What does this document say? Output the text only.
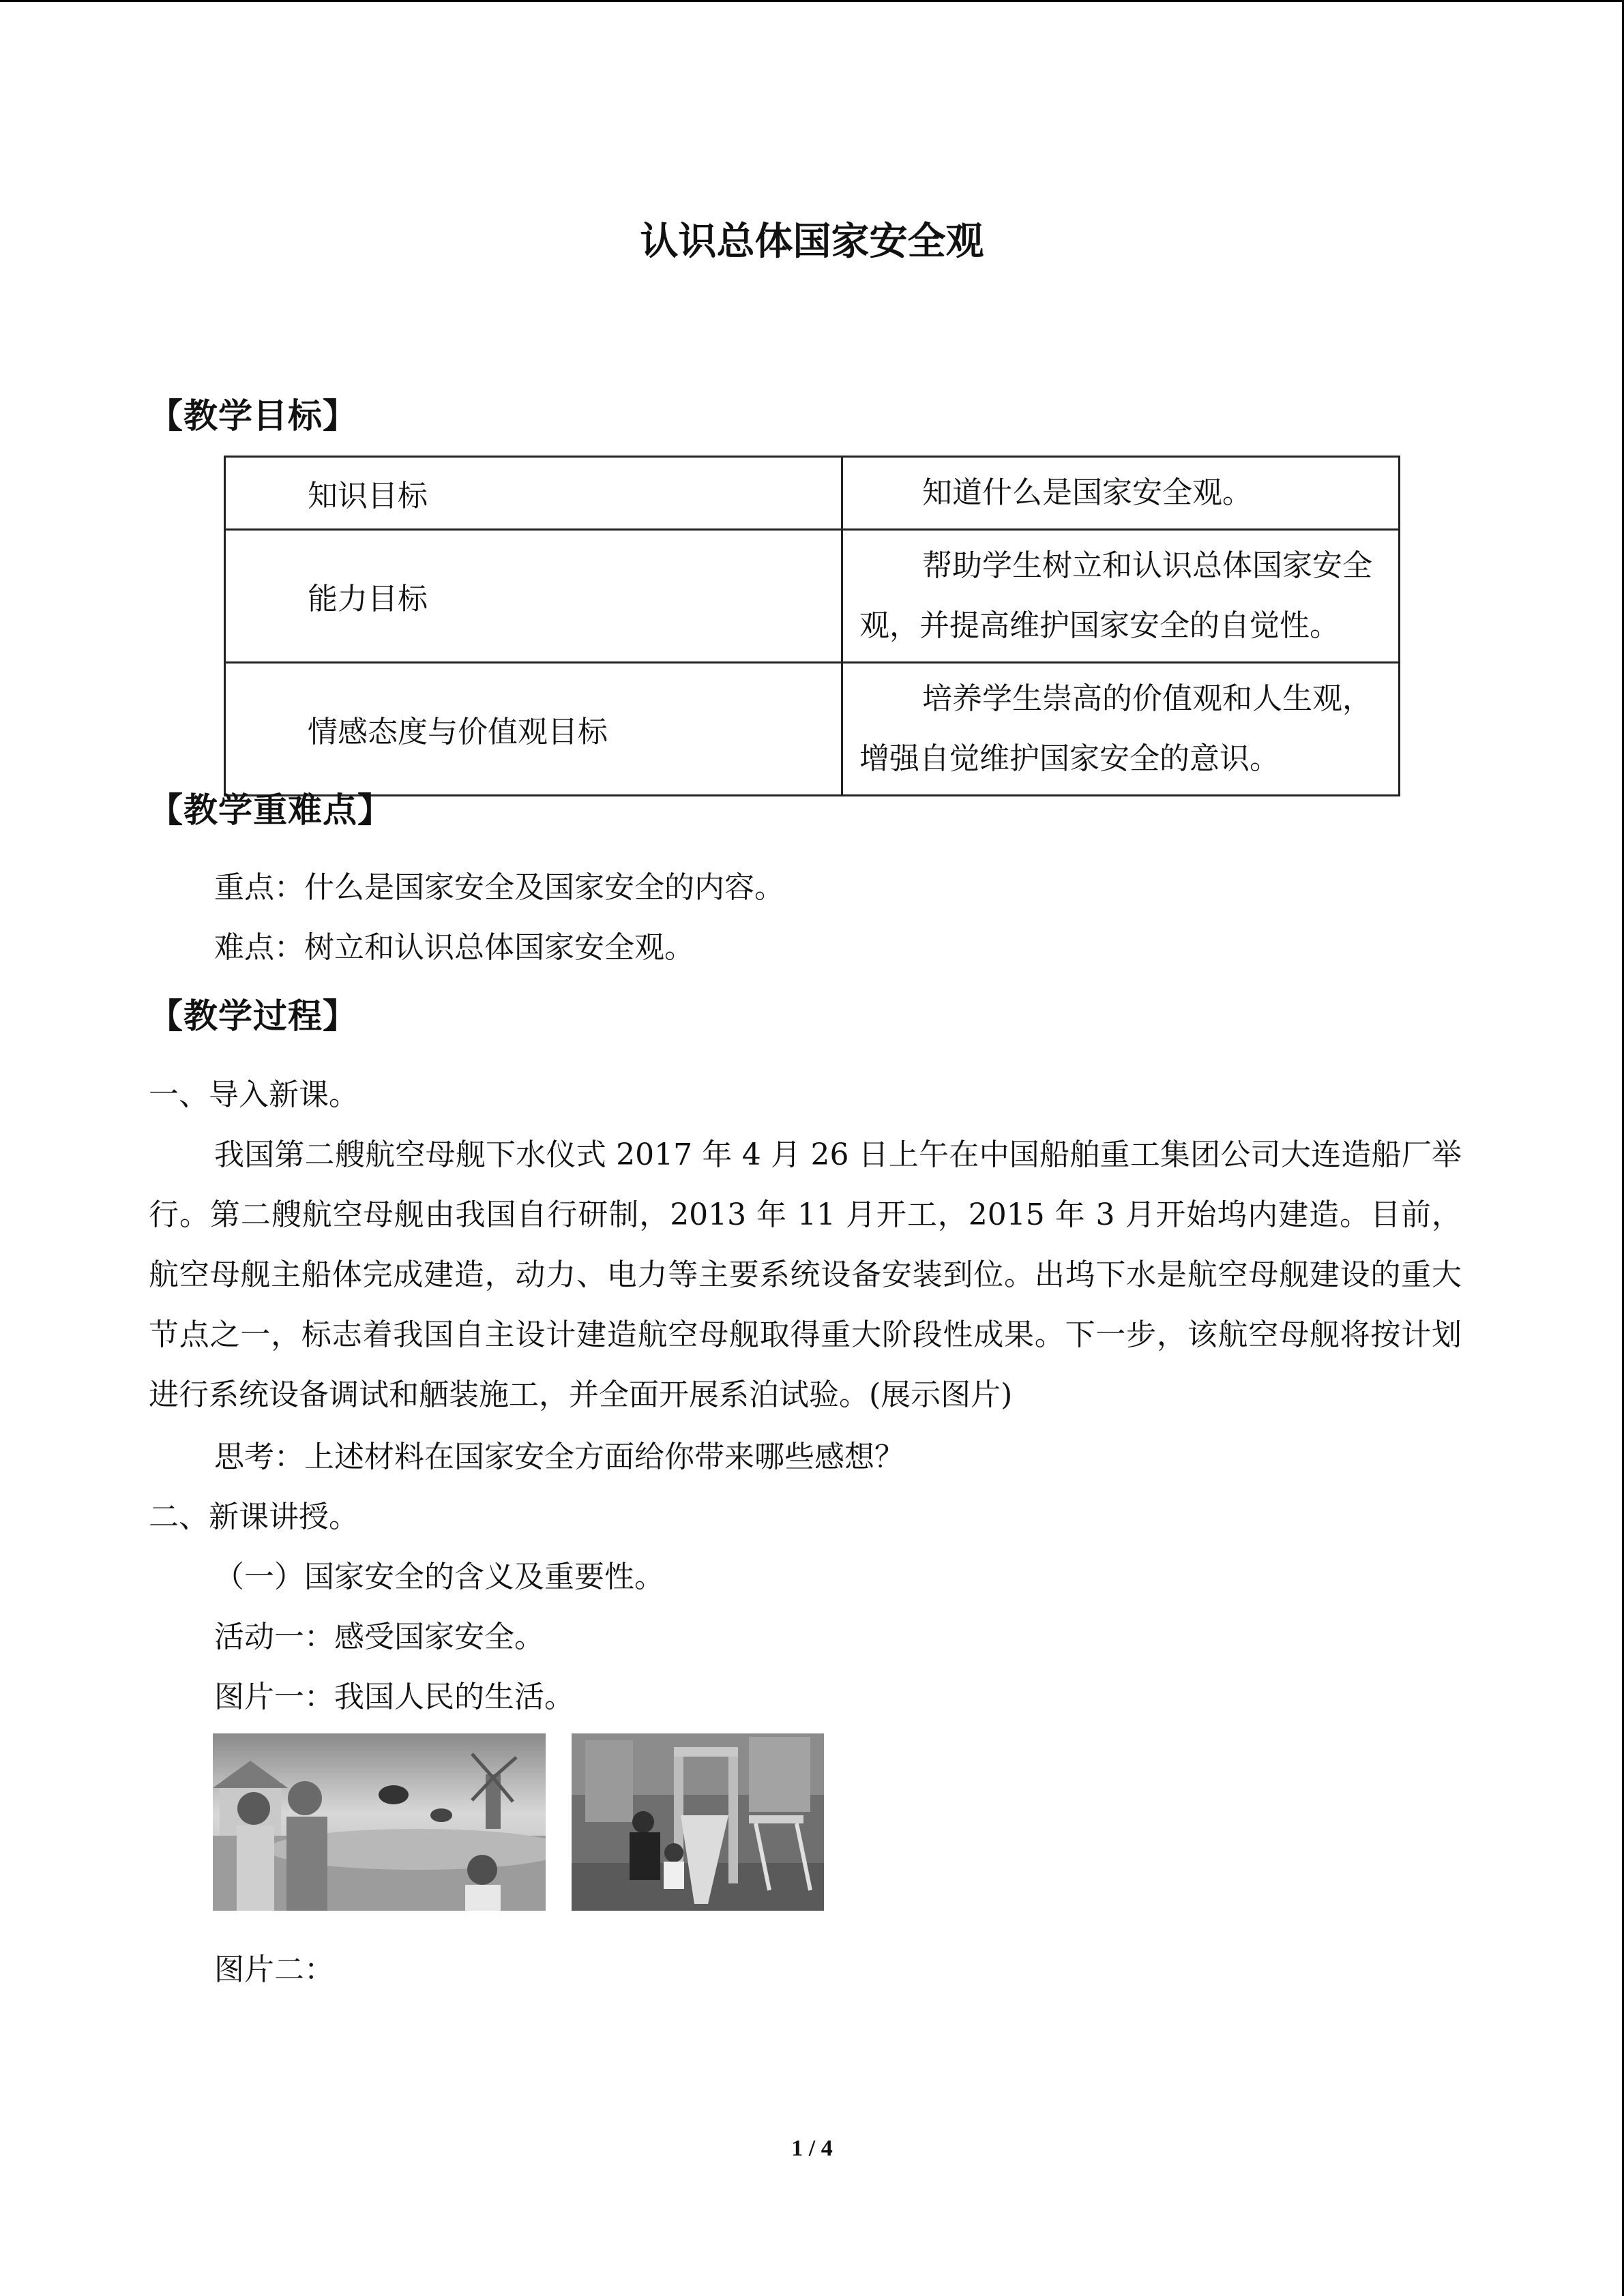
认识总体国家安全观
【教学目标】
知识目标	知道什么是国家安全观。

能力目标	帮助学生树立和认识总体国家安全观，并提高维护国家安全的自觉性。

情感态度与价值观目标	培养学生崇高的价值观和人生观，增强自觉维护国家安全的意识。
【教学重难点】
重点：什么是国家安全及国家安全的内容。
难点：树立和认识总体国家安全观。
【教学过程】
一、导入新课。
我国第二艘航空母舰下水仪式 2017 年 4 月 26 日上午在中国船舶重工集团公司大连造船厂举行。第二艘航空母舰由我国自行研制，2013 年 11 月开工，2015 年 3 月开始坞内建造。目前，航空母舰主船体完成建造，动力、电力等主要系统设备安装到位。出坞下水是航空母舰建设的重大节点之一，标志着我国自主设计建造航空母舰取得重大阶段性成果。下一步，该航空母舰将按计划进行系统设备调试和舾装施工，并全面开展系泊试验。(展示图片)
思考：上述材料在国家安全方面给你带来哪些感想？
二、新课讲授。
（一）国家安全的含义及重要性。
活动一：感受国家安全。
图片一：我国人民的生活。
图片二：
1 / 4
